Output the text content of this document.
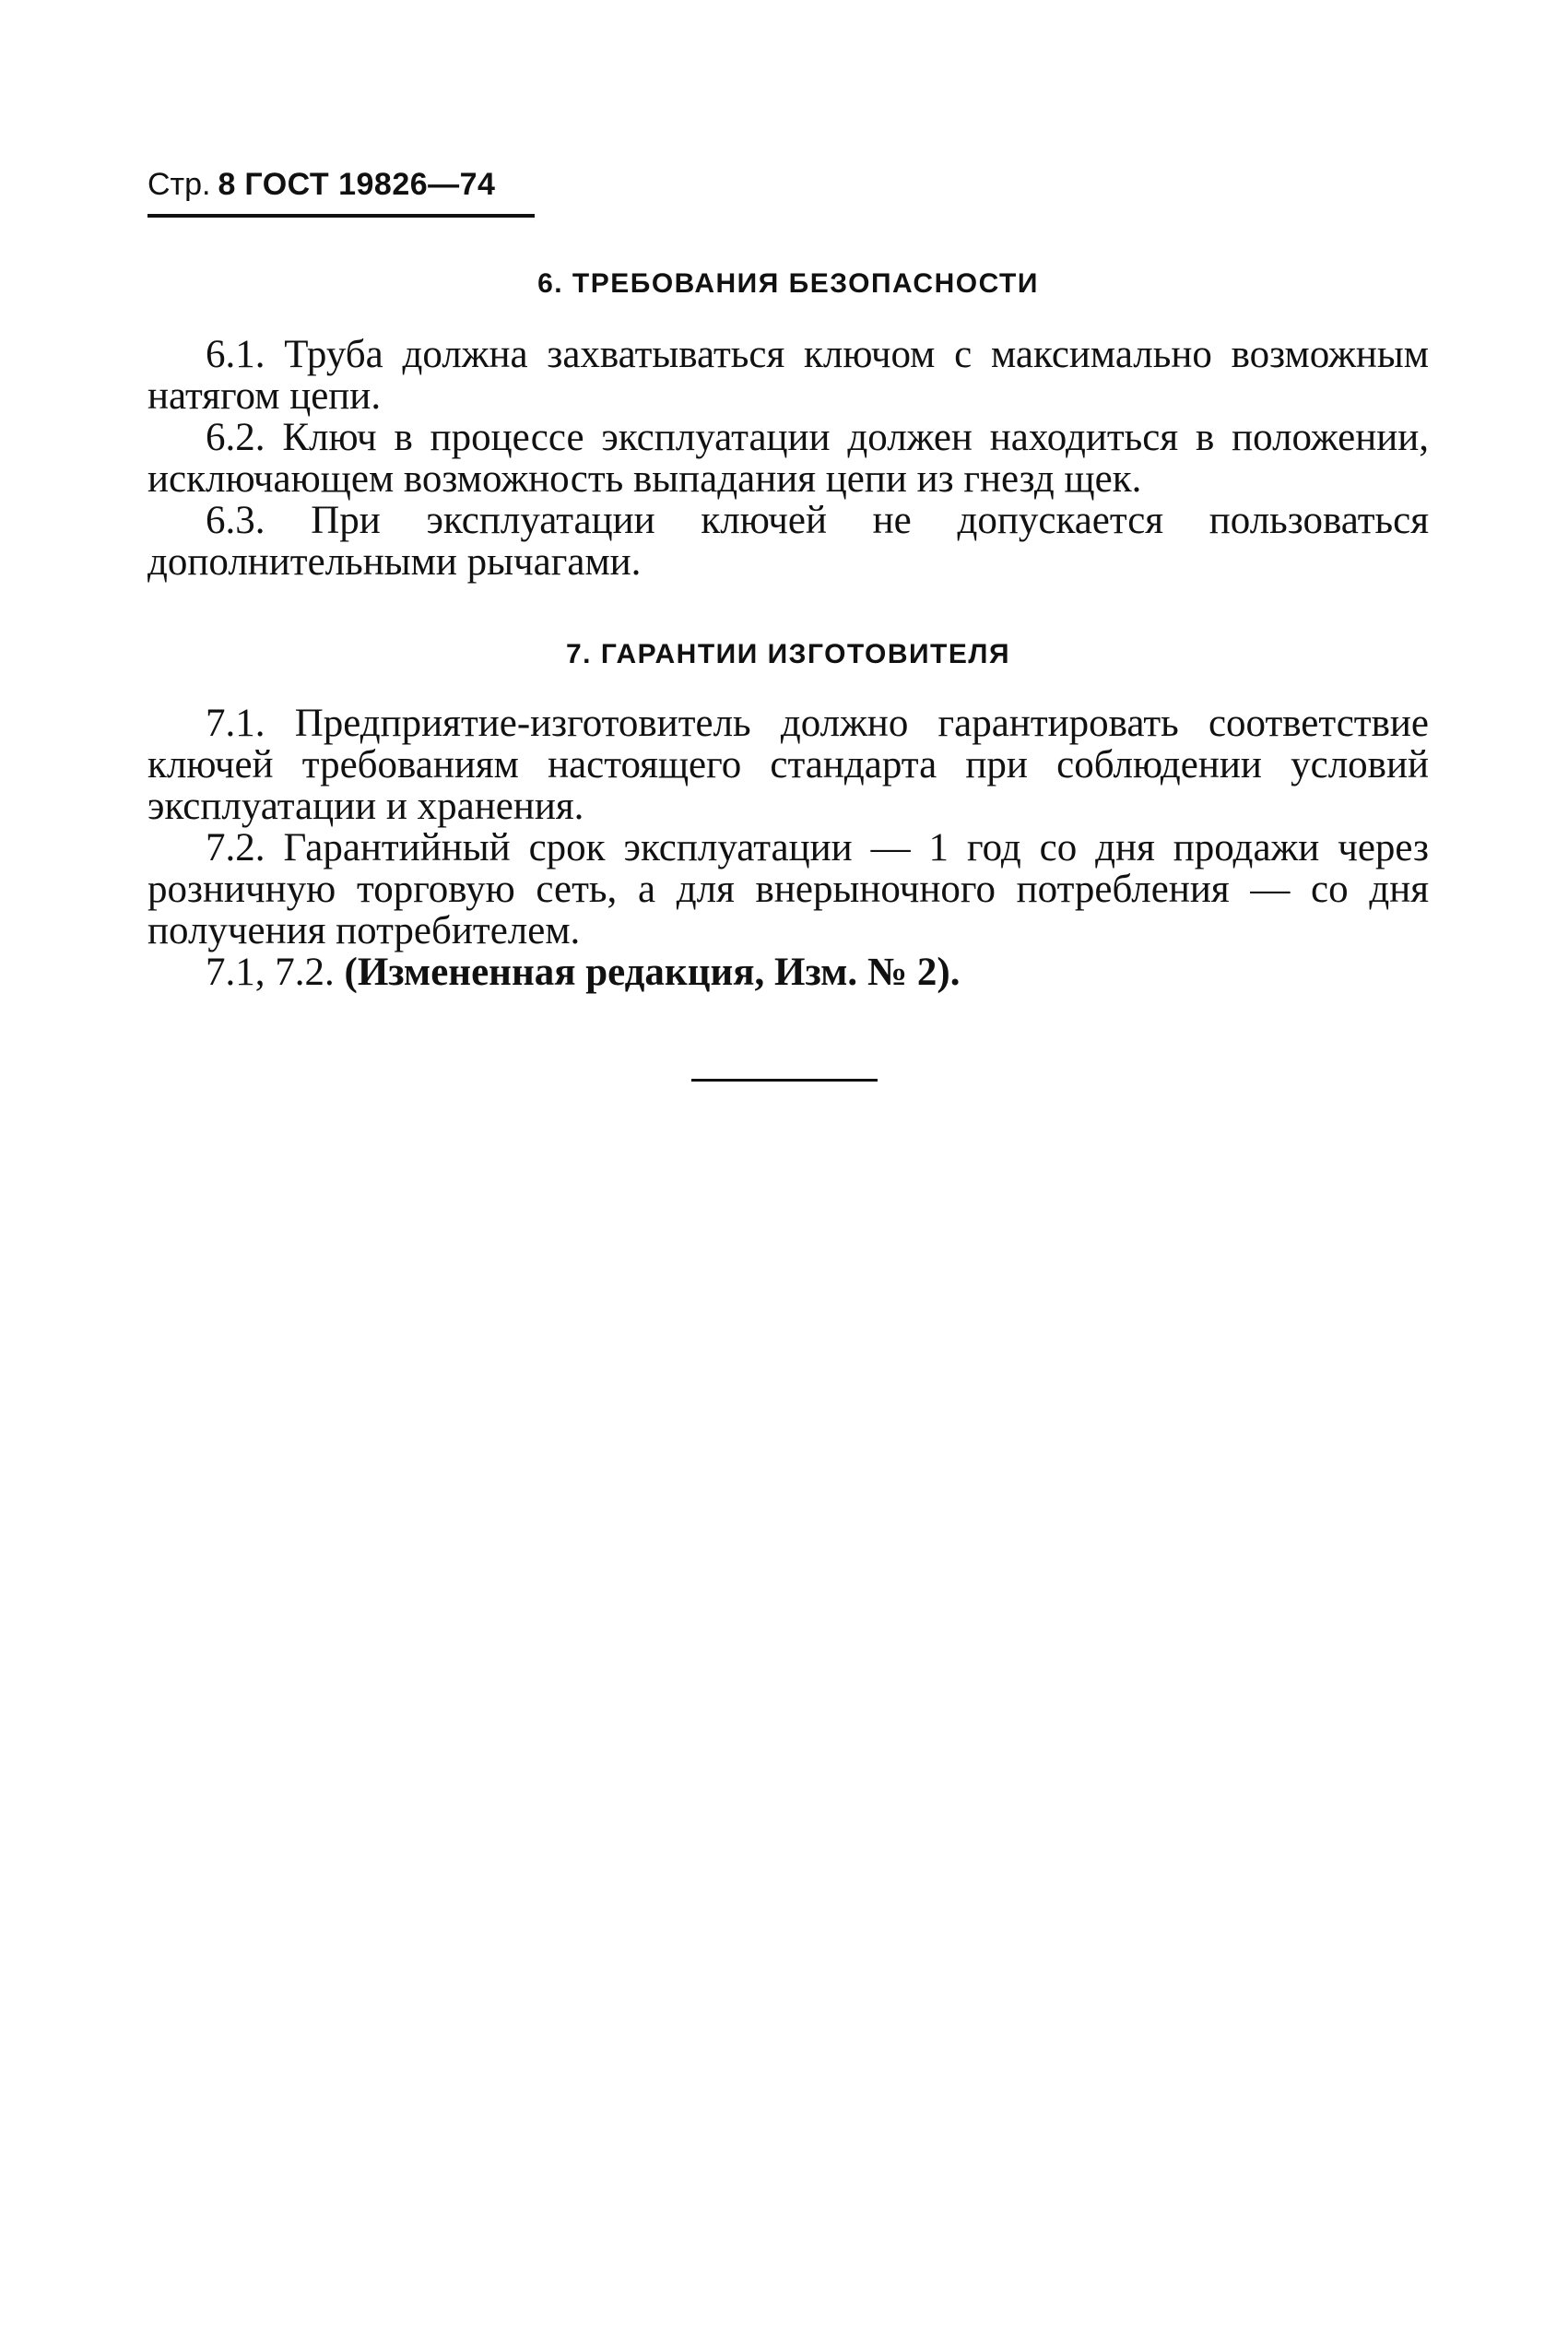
Стр. 8 ГОСТ 19826—74
6. ТРЕБОВАНИЯ БЕЗОПАСНОСТИ

6.1. Труба должна захватываться ключом с максимально возможным натягом цепи.

6.2. Ключ в процессе эксплуатации должен находиться в положении, исключающем возможность выпадания цепи из гнезд щек.

6.3. При эксплуатации ключей не допускается пользоваться дополнительными рычагами.

7. ГАРАНТИИ ИЗГОТОВИТЕЛЯ

7.1. Предприятие-изготовитель должно гарантировать соответствие ключей требованиям настоящего стандарта при соблюдении условий эксплуатации и хранения.

7.2. Гарантийный срок эксплуатации — 1 год со дня продажи через розничную торговую сеть, а для внерыночного потребления — со дня получения потребителем.

7.1, 7.2. (Измененная редакция, Изм. № 2).
